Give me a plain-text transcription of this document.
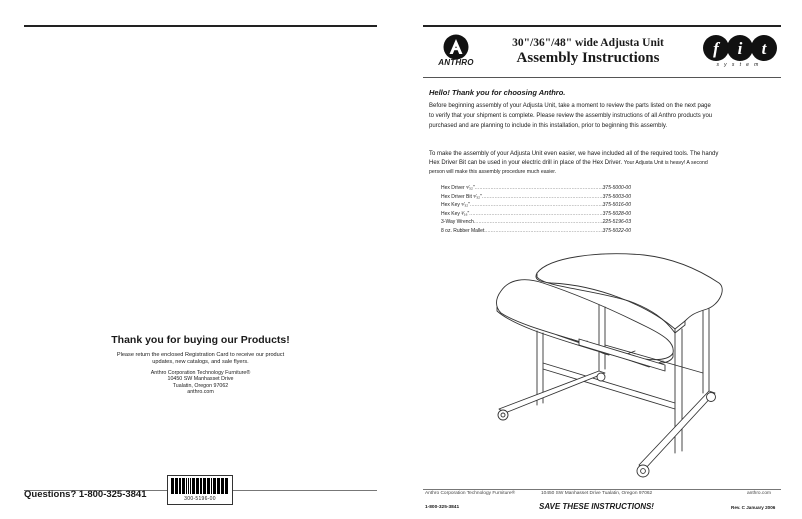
Thank you for buying our Products!
Please return the enclosed Registration Card to receive our product
updates, new catalogs, and sale flyers.
Anthro Corporation Technology Furniture®
10450 SW Manhasset Drive
Tualatin, Oregon 97062
anthro.com
Questions? 1-800-325-3841	300-5196-00
ANTHRO
30"/36"/48" wide Adjusta Unit
Assembly Instructions	f i t
system
Hello! Thank you for choosing Anthro.
Before beginning assembly of your Adjusta Unit, take a moment to review the parts listed on the next page
to verify that your shipment is complete. Please review the assembly instructions of all Anthro products you
purchased and are planning to include in this installation, prior to beginning this assembly.
To make the assembly of your Adjusta Unit even easier, we have included all of the required tools. The handy
Hex Driver Bit can be used in your electric drill in place of the Hex Driver. Your Adjusta Unit is heavy! A second
person will make this assembly procedure much easier.
Hex Driver ⁵⁄₃₂" .....	375-5000-00
Hex Driver Bit ⁵⁄₃₂" .....	375-5003-00
Hex Key ⁵⁄₃₂" .....	375-5016-00
Hex Key ³⁄₁₆" .....	375-5028-00
3-Way Wrench .....	225-5196-03
8 oz. Rubber Mallet .....	375-5022-00
Anthro Corporation Technology Furniture®	10450 SW Manhasset Drive Tualatin, Oregon 97062	anthro.com
1-800-325-3841	SAVE THESE INSTRUCTIONS!	Rev. C January 2006
